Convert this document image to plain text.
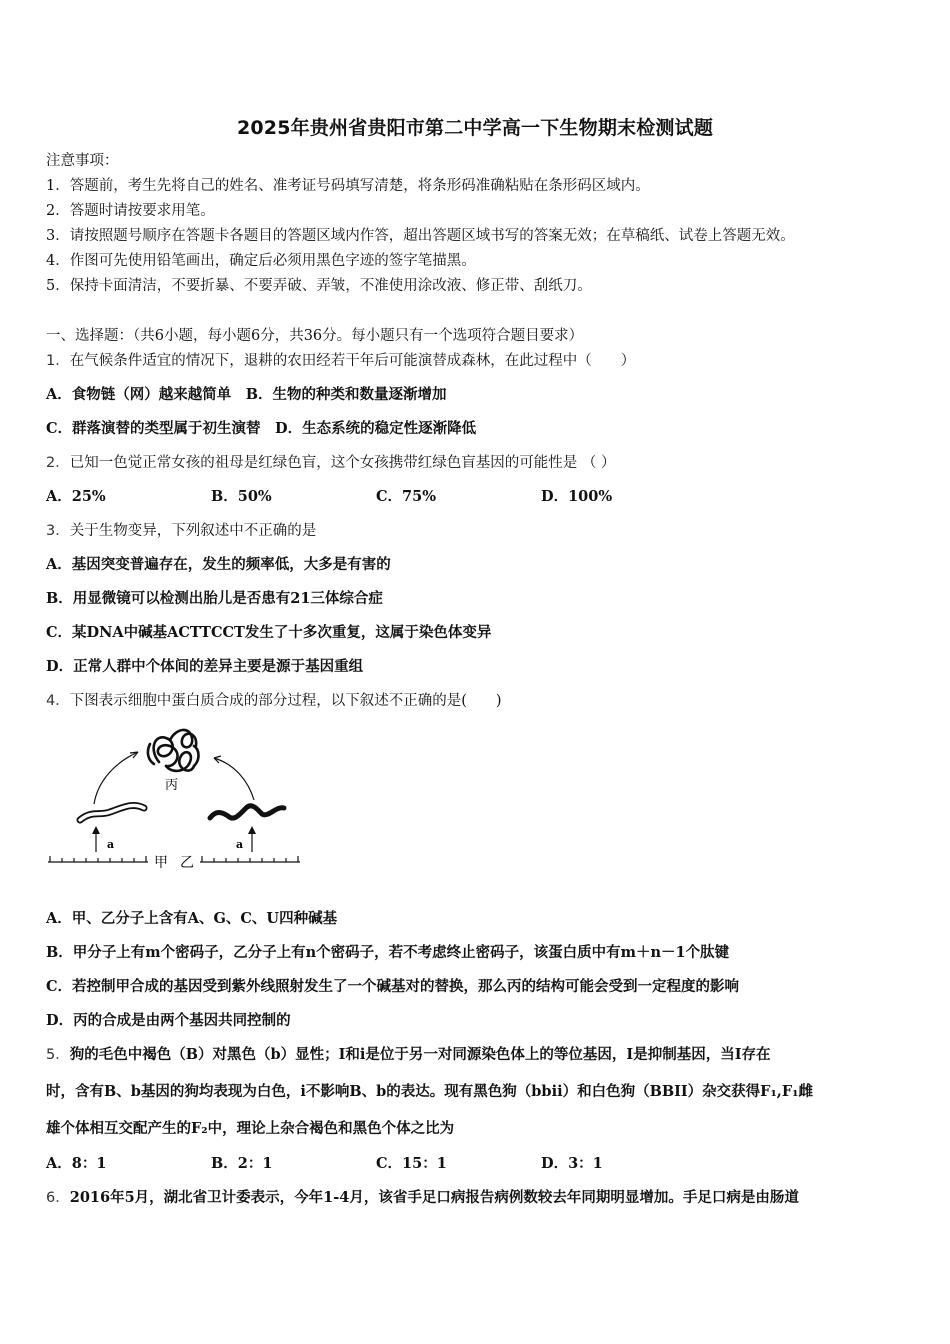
2025年贵州省贵阳市第二中学高一下生物期末检测试题
注意事项：
1．答题前，考生先将自己的姓名、准考证号码填写清楚，将条形码准确粘贴在条形码区域内。
2．答题时请按要求用笔。
3．请按照题号顺序在答题卡各题目的答题区域内作答，超出答题区域书写的答案无效；在草稿纸、试卷上答题无效。
4．作图可先使用铅笔画出，确定后必须用黑色字迹的签字笔描黑。
5．保持卡面清洁，不要折暴、不要弄破、弄皱，不准使用涂改液、修正带、刮纸刀。
一、选择题：（共6小题，每小题6分，共36分。每小题只有一个选项符合题目要求）
1．在气候条件适宜的情况下，退耕的农田经若干年后可能演替成森林，在此过程中（　　）
A．食物链（网）越来越简单　B．生物的种类和数量逐渐增加
C．群落演替的类型属于初生演替　D．生态系统的稳定性逐渐降低
2．已知一色觉正常女孩的祖母是红绿色盲，这个女孩携带红绿色盲基因的可能性是 （ ）
A．25%	B．50%	C．75%	D．100%
3．关于生物变异，下列叙述中不正确的是
A．基因突变普遍存在，发生的频率低，大多是有害的
B．用显微镜可以检测出胎儿是否患有21三体综合症
C．某DNA中碱基ACTTCCT发生了十多次重复，这属于染色体变异
D．正常人群中个体间的差异主要是源于基因重组
4．下图表示细胞中蛋白质合成的部分过程，以下叙述不正确的是(　　)
丙
a	a
甲 乙
A．甲、乙分子上含有A、G、C、U四种碱基
B．甲分子上有m个密码子，乙分子上有n个密码子，若不考虑终止密码子，该蛋白质中有m＋n－1个肽键
C．若控制甲合成的基因受到紫外线照射发生了一个碱基对的替换，那么丙的结构可能会受到一定程度的影响
D．丙的合成是由两个基因共同控制的
5．狗的毛色中褐色（B）对黑色（b）显性；I和i是位于另一对同源染色体上的等位基因，I是抑制基因，当I存在
时，含有B、b基因的狗均表现为白色，i不影响B、b的表达。现有黑色狗（bbii）和白色狗（BBII）杂交获得F₁,F₁雌
雄个体相互交配产生的F₂中，理论上杂合褐色和黑色个体之比为
A．8：1	B．2：1	C．15：1	D．3：1
6．2016年5月，湖北省卫计委表示，今年1-4月，该省手足口病报告病例数较去年同期明显增加。手足口病是由肠道
